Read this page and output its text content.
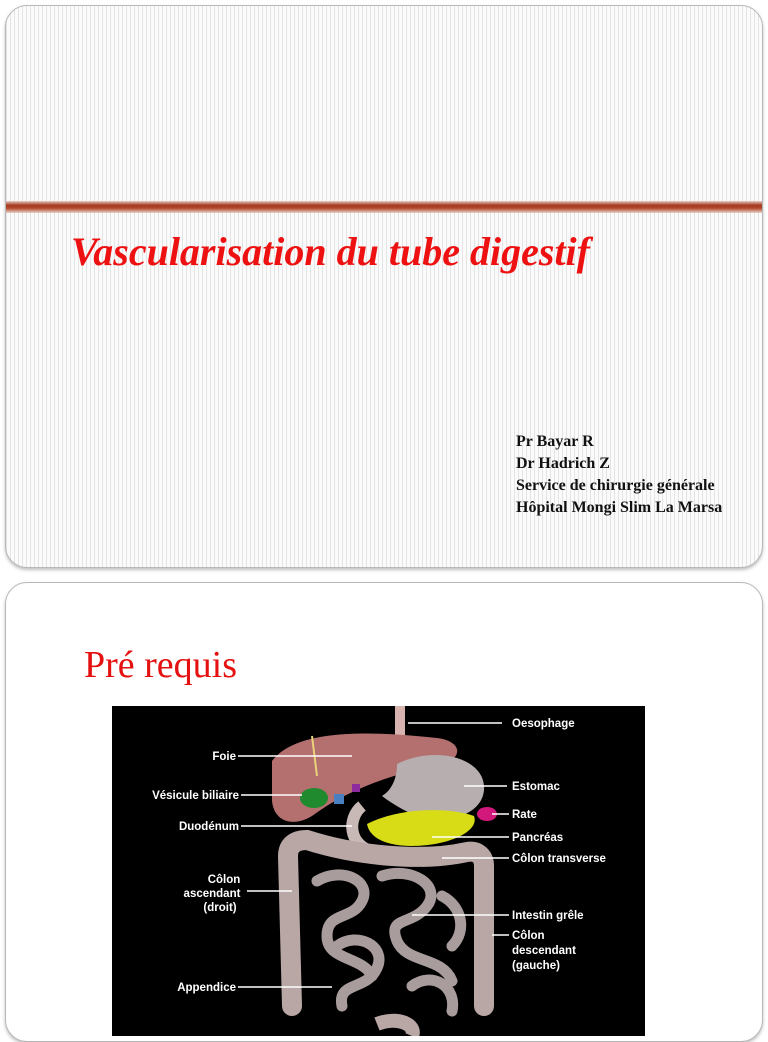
Vascularisation du tube digestif
Pr Bayar R
Dr Hadrich Z
Service de chirurgie générale
Hôpital Mongi Slim La Marsa
Pré requis
Oesophage
Foie
Estomac
Vésicule biliaire
Rate
Duodénum
Pancréas
Côlon transverse
Côlon
ascendant
(droit)
Intestin grêle
Côlon
descendant
(gauche)
Appendice
